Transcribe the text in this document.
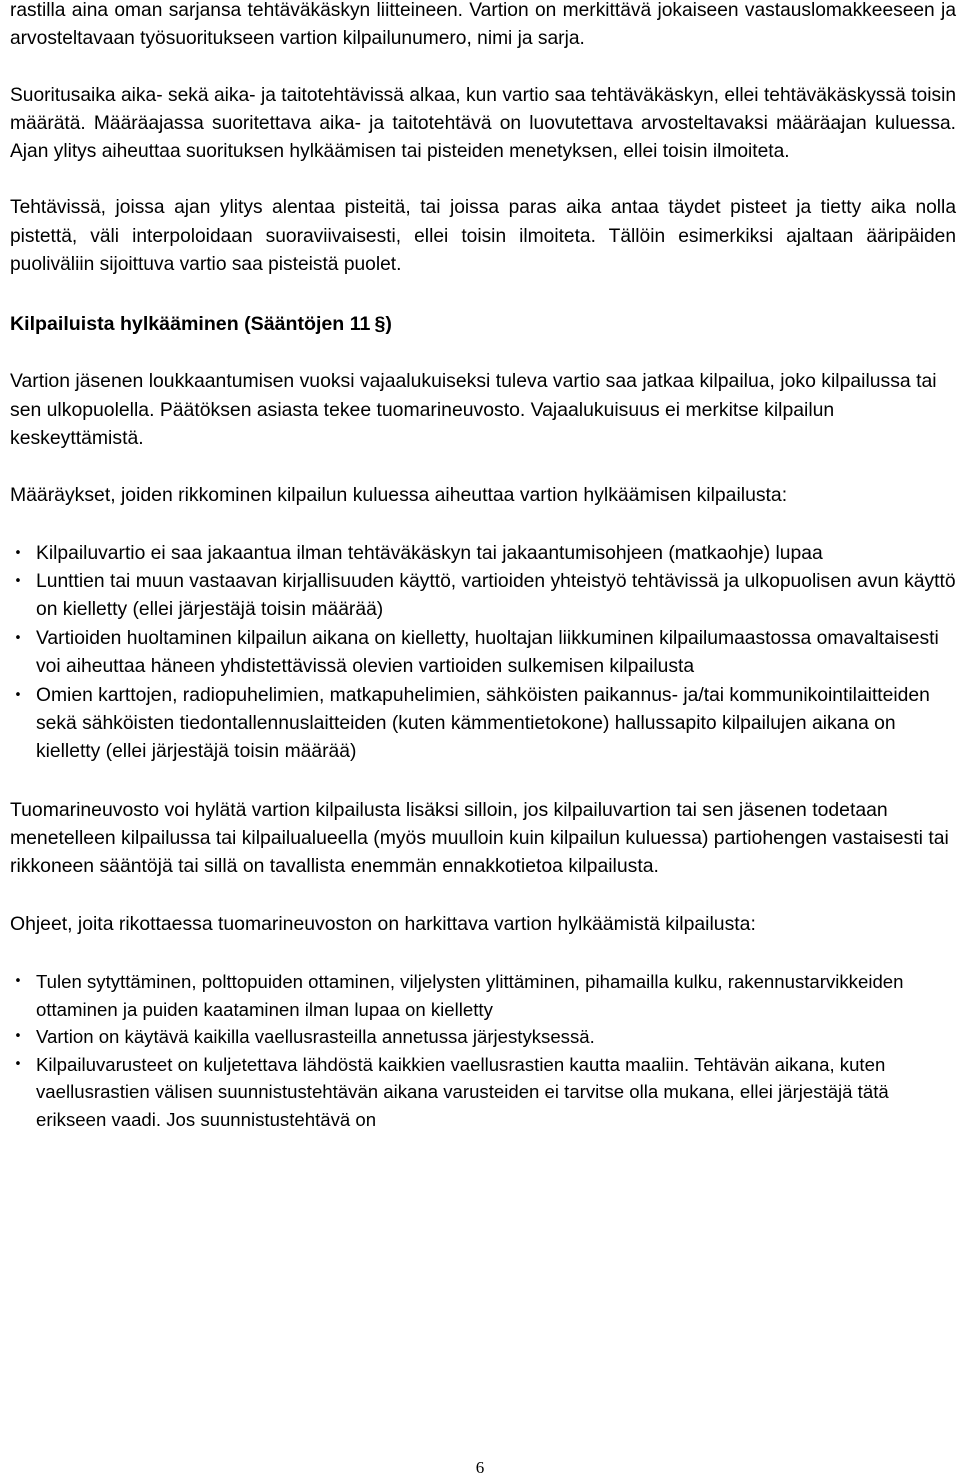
rastilla aina oman sarjansa tehtäväkäskyn liitteineen. Vartion on merkittävä jokaiseen vastauslomakkeeseen ja arvosteltavaan työsuoritukseen vartion kilpailunumero, nimi ja sarja.

Suoritusaika aika- sekä aika- ja taitotehtävissä alkaa, kun vartio saa tehtäväkäskyn, ellei tehtäväkäskyssä toisin määrätä. Määräajassa suoritettava aika- ja taitotehtävä on luovutettava arvosteltavaksi määräajan kuluessa. Ajan ylitys aiheuttaa suorituksen hylkäämisen tai pisteiden menetyksen, ellei toisin ilmoiteta.

Tehtävissä, joissa ajan ylitys alentaa pisteitä, tai joissa paras aika antaa täydet pisteet ja tietty aika nolla pistettä, väli interpoloidaan suoraviivaisesti, ellei toisin ilmoiteta. Tällöin esimerkiksi ajaltaan ääripäiden puoliväliin sijoittuva vartio saa pisteistä puolet.

Kilpailuista hylkääminen (Sääntöjen 11 §)

Vartion jäsenen loukkaantumisen vuoksi vajaalukuiseksi tuleva vartio saa jatkaa kilpailua, joko kilpailussa tai sen ulkopuolella. Päätöksen asiasta tekee tuomarineuvosto. Vajaalukuisuus ei merkitse kilpailun keskeyttämistä.

Määräykset, joiden rikkominen kilpailun kuluessa aiheuttaa vartion hylkäämisen kilpailusta:

• Kilpailuvartio ei saa jakaantua ilman tehtäväkäskyn tai jakaantumisohjeen (matkaohje) lupaa
• Lunttien tai muun vastaavan kirjallisuuden käyttö, vartioiden yhteistyö tehtävissä ja ulkopuolisen avun käyttö on kielletty (ellei järjestäjä toisin määrää)
• Vartioiden huoltaminen kilpailun aikana on kielletty, huoltajan liikkuminen kilpailumaastossa omavaltaisesti voi aiheuttaa häneen yhdistettävissä olevien vartioiden sulkemisen kilpailusta
• Omien karttojen, radiopuhelimien, matkapuhelimien, sähköisten paikannus- ja/tai kommunikointilaitteiden sekä sähköisten tiedontallennuslaitteiden (kuten kämmentietokone) hallussapito kilpailujen aikana on kielletty (ellei järjestäjä toisin määrää)

Tuomarineuvosto voi hylätä vartion kilpailusta lisäksi silloin, jos kilpailuvartion tai sen jäsenen todetaan menetelleen kilpailussa tai kilpailualueella (myös muulloin kuin kilpailun kuluessa) partiohengen vastaisesti tai rikkoneen sääntöjä tai sillä on tavallista enemmän ennakkotietoa kilpailusta.

Ohjeet, joita rikottaessa tuomarineuvoston on harkittava vartion hylkäämistä kilpailusta:

• Tulen sytyttäminen, polttopuiden ottaminen, viljelysten ylittäminen, pihamailla kulku, rakennustarvikkeiden ottaminen ja puiden kaataminen ilman lupaa on kielletty
• Vartion on käytävä kaikilla vaellusrasteilla annetussa järjestyksessä.
• Kilpailuvarusteet on kuljetettava lähdöstä kaikkien vaellusrastien kautta maaliin. Tehtävän aikana, kuten vaellusrastien välisen suunnistustehtävän aikana varusteiden ei tarvitse olla mukana, ellei järjestäjä tätä erikseen vaadi. Jos suunnistustehtävä on
6
